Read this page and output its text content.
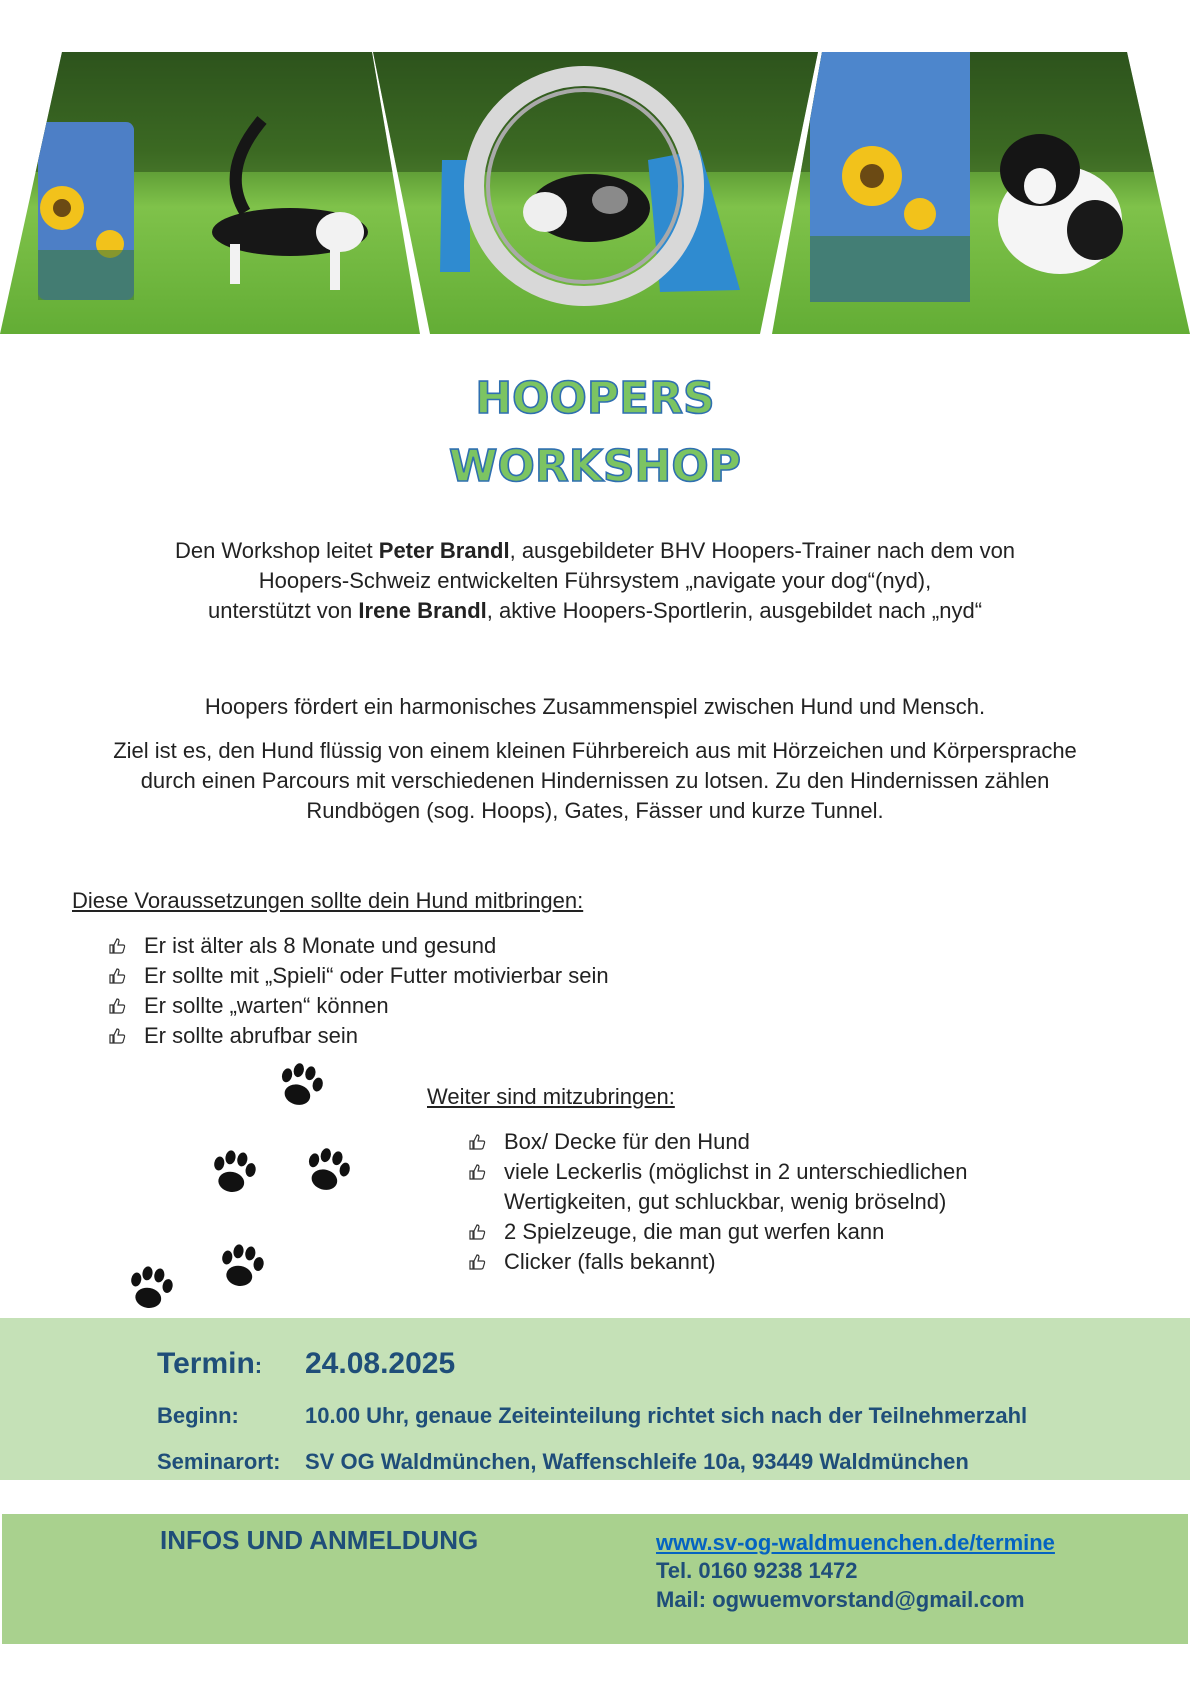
HOOPERS
WORKSHOP

Den Workshop leitet Peter Brandl, ausgebildeter BHV Hoopers-Trainer nach dem von

Hoopers-Schweiz entwickelten Führsystem „navigate your dog“(nyd),

unterstützt von Irene Brandl, aktive Hoopers-Sportlerin, ausgebildet nach „nyd“

Hoopers fördert ein harmonisches Zusammenspiel zwischen Hund und Mensch.
Ziel ist es, den Hund flüssig von einem kleinen Führbereich aus mit Hörzeichen und Körpersprache durch einen Parcours mit verschiedenen Hindernissen zu lotsen. Zu den Hindernissen zählen Rundbögen (sog. Hoops), Gates, Fässer und kurze Tunnel.
Diese Voraussetzungen sollte dein Hund mitbringen:
Er ist älter als 8 Monate und gesund
Er sollte mit „Spieli“ oder Futter motivierbar sein
Er sollte „warten“ können
Er sollte abrufbar sein
Weiter sind mitzubringen:
Box/ Decke für den Hund
viele Leckerlis (möglichst in 2 unterschiedlichen Wertigkeiten, gut schluckbar, wenig bröselnd)
2 Spielzeuge, die man gut werfen kann
Clicker (falls bekannt)
Termin: 24.08.2025
Beginn:	10.00 Uhr, genaue Zeiteinteilung richtet sich nach der Teilnehmerzahl
Seminarort: SV OG Waldmünchen, Waffenschleife 10a, 93449 Waldmünchen
INFOS UND ANMELDUNG	www.sv-og-waldmuenchen.de/termine
Tel. 0160 9238 1472
Mail: ogwuemvorstand@gmail.com
